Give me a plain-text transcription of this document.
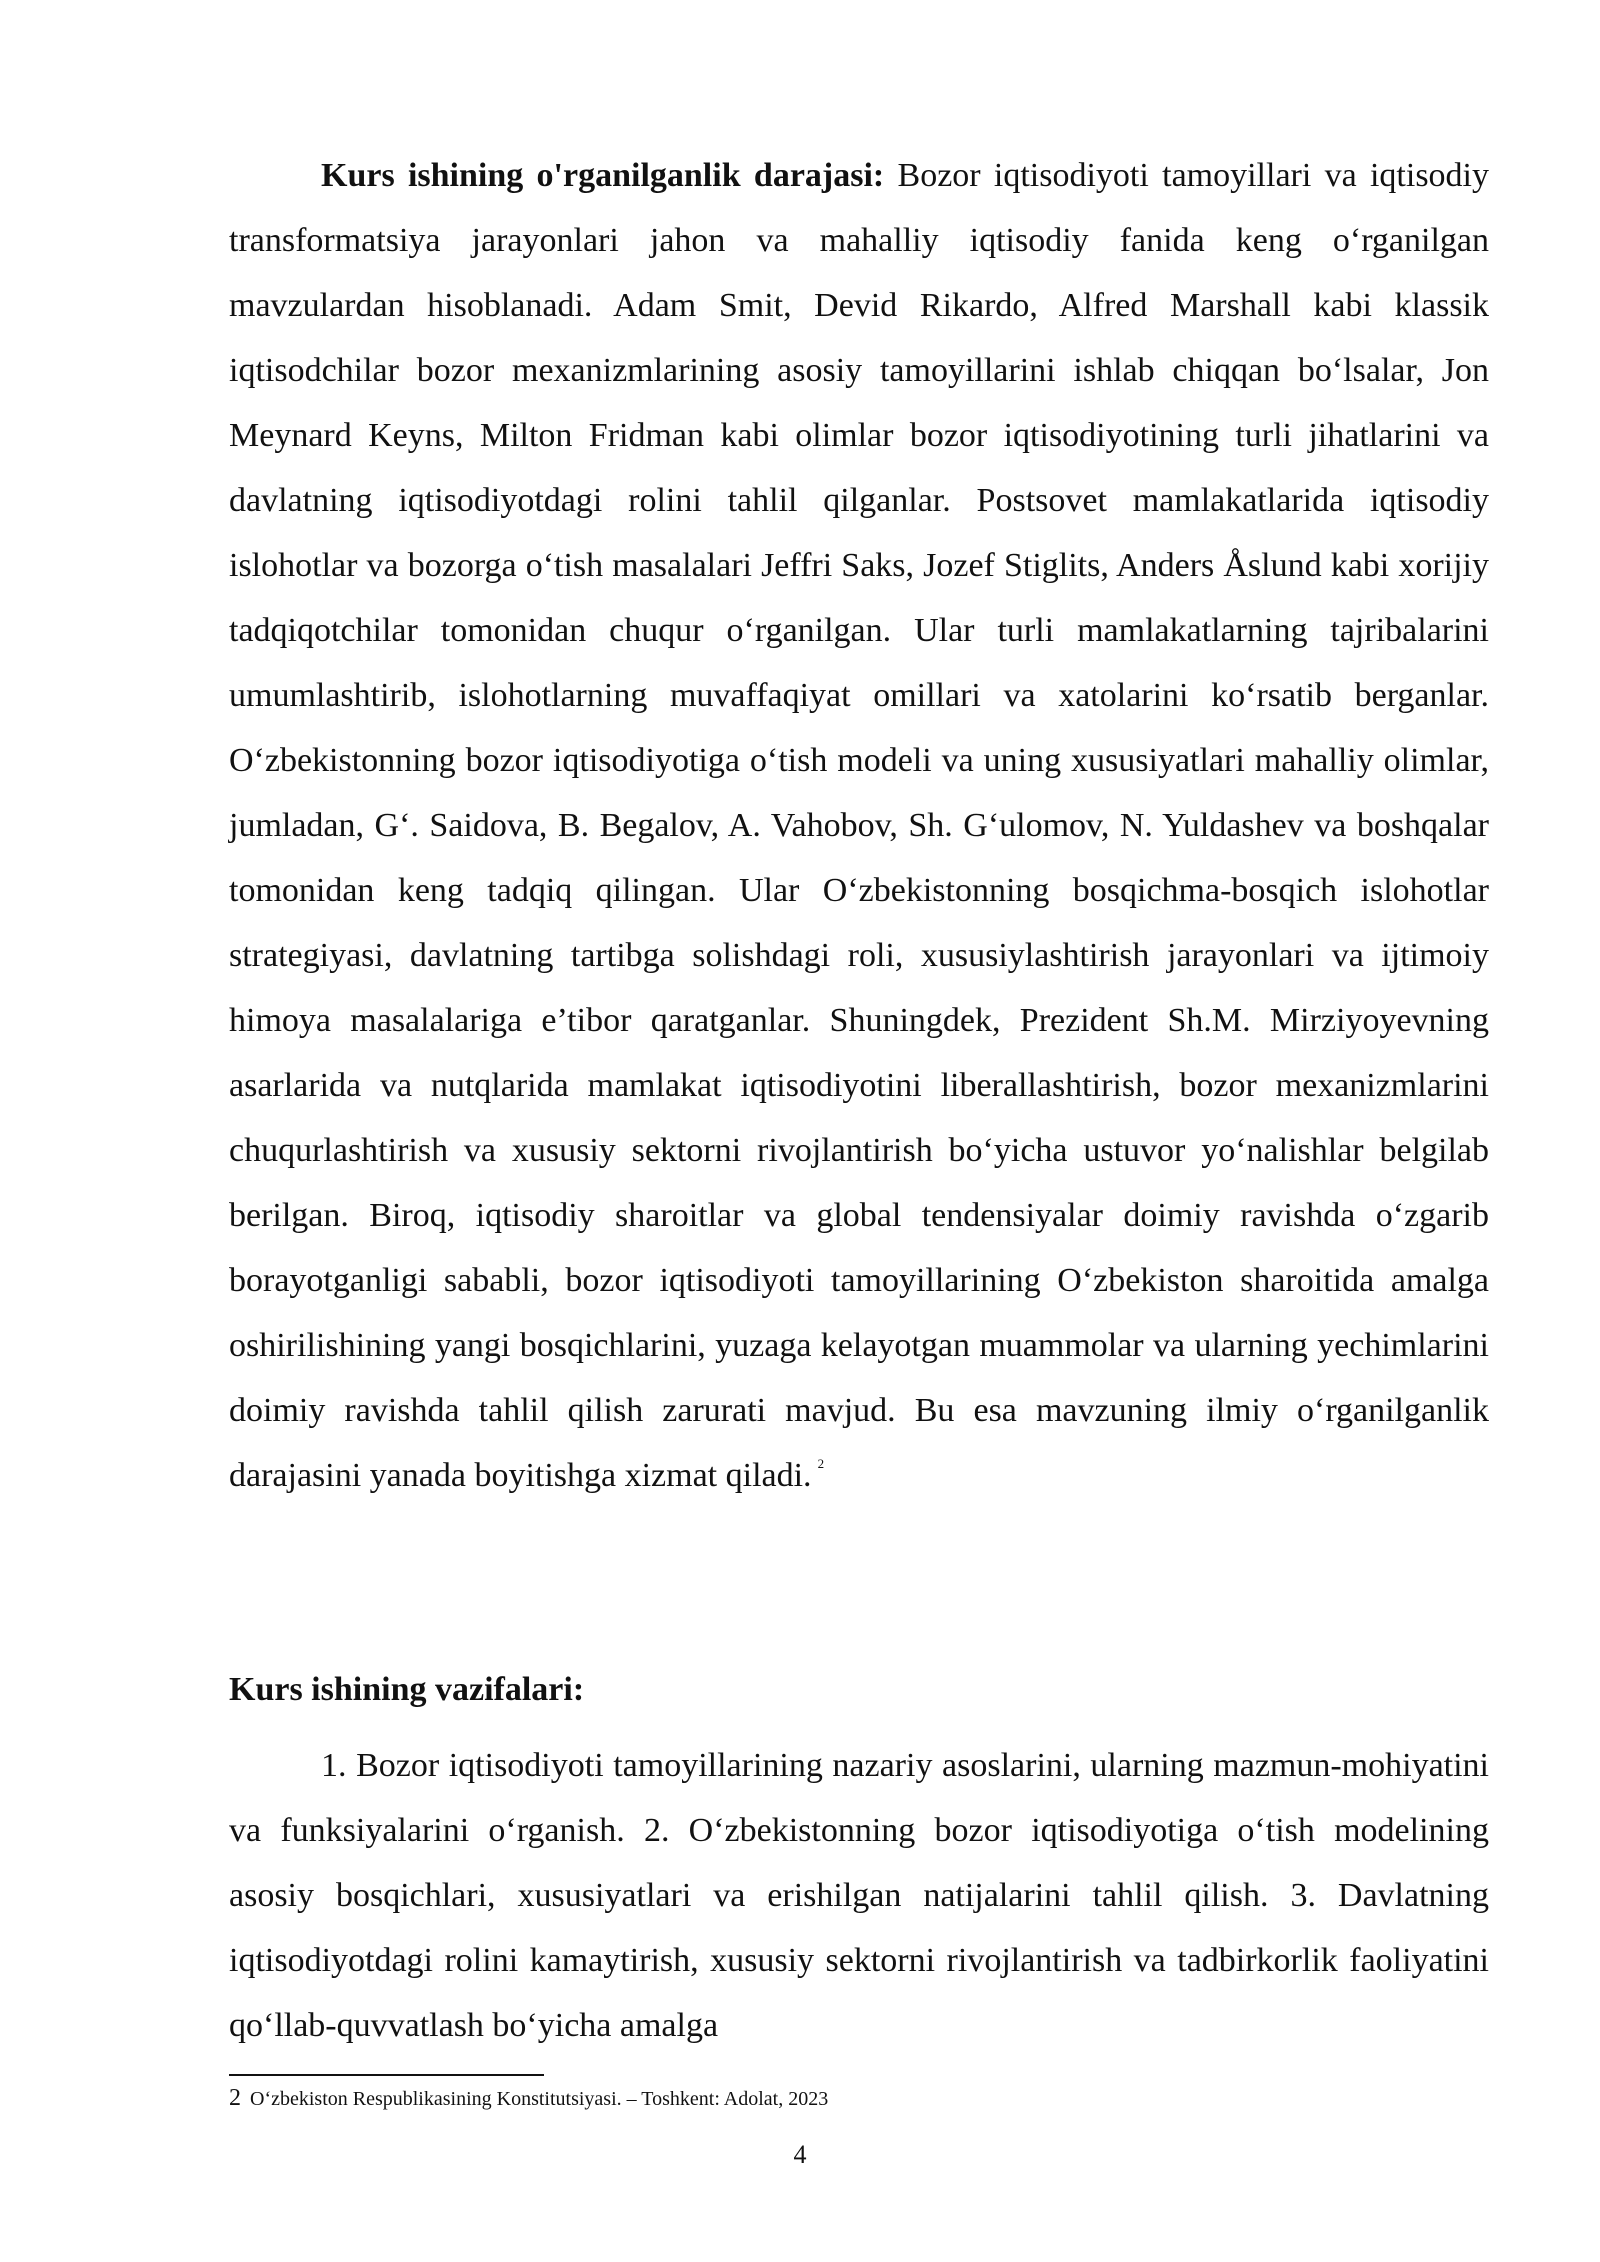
Kurs ishining o'rganilganlik darajasi: Bozor iqtisodiyoti tamoyillari va iqtisodiy transformatsiya jarayonlari jahon va mahalliy iqtisodiy fanida keng o‘rganilgan mavzulardan hisoblanadi. Adam Smit, Devid Rikardo, Alfred Marshall kabi klassik iqtisodchilar bozor mexanizmlarining asosiy tamoyillarini ishlab chiqqan bo‘lsalar, Jon Meynard Keyns, Milton Fridman kabi olimlar bozor iqtisodiyotining turli jihatlarini va davlatning iqtisodiyotdagi rolini tahlil qilganlar. Postsovet mamlakatlarida iqtisodiy islohotlar va bozorga o‘tish masalalari Jeffri Saks, Jozef Stiglits, Anders Åslund kabi xorijiy tadqiqotchilar tomonidan chuqur o‘rganilgan. Ular turli mamlakatlarning tajribalarini umumlashtirib, islohotlarning muvaffaqiyat omillari va xatolarini ko‘rsatib berganlar. O‘zbekistonning bozor iqtisodiyotiga o‘tish modeli va uning xususiyatlari mahalliy olimlar, jumladan, G‘. Saidova, B. Begalov, A. Vahobov, Sh. G‘ulomov, N. Yuldashev va boshqalar tomonidan keng tadqiq qilingan. Ular O‘zbekistonning bosqichma-bosqich islohotlar strategiyasi, davlatning tartibga solishdagi roli, xususiylashtirish jarayonlari va ijtimoiy himoya masalalariga e’tibor qaratganlar. Shuningdek, Prezident Sh.M. Mirziyoyevning asarlarida va nutqlarida mamlakat iqtisodiyotini liberallashtirish, bozor mexanizmlarini chuqurlashtirish va xususiy sektorni rivojlantirish bo‘yicha ustuvor yo‘nalishlar belgilab berilgan. Biroq, iqtisodiy sharoitlar va global tendensiyalar doimiy ravishda o‘zgarib borayotganligi sababli, bozor iqtisodiyoti tamoyillarining O‘zbekiston sharoitida amalga oshirilishining yangi bosqichlarini, yuzaga kelayotgan muammolar va ularning yechimlarini doimiy ravishda tahlil qilish zarurati mavjud. Bu esa mavzuning ilmiy o‘rganilganlik darajasini yanada boyitishga xizmat qiladi. $^2$
Kurs ishining vazifalari:
1. Bozor iqtisodiyoti tamoyillarining nazariy asoslarini, ularning mazmun-mohiyatini va funksiyalarini o‘rganish. 2. O‘zbekistonning bozor iqtisodiyotiga o‘tish modelining asosiy bosqichlari, xususiyatlari va erishilgan natijalarini tahlil qilish. 3. Davlatning iqtisodiyotdagi rolini kamaytirish, xususiy sektorni rivojlantirish va tadbirkorlik faoliyatini qo‘llab-quvvatlash bo‘yicha amalga
2 O‘zbekiston Respublikasining Konstitutsiyasi. – Toshkent: Adolat, 2023
4
